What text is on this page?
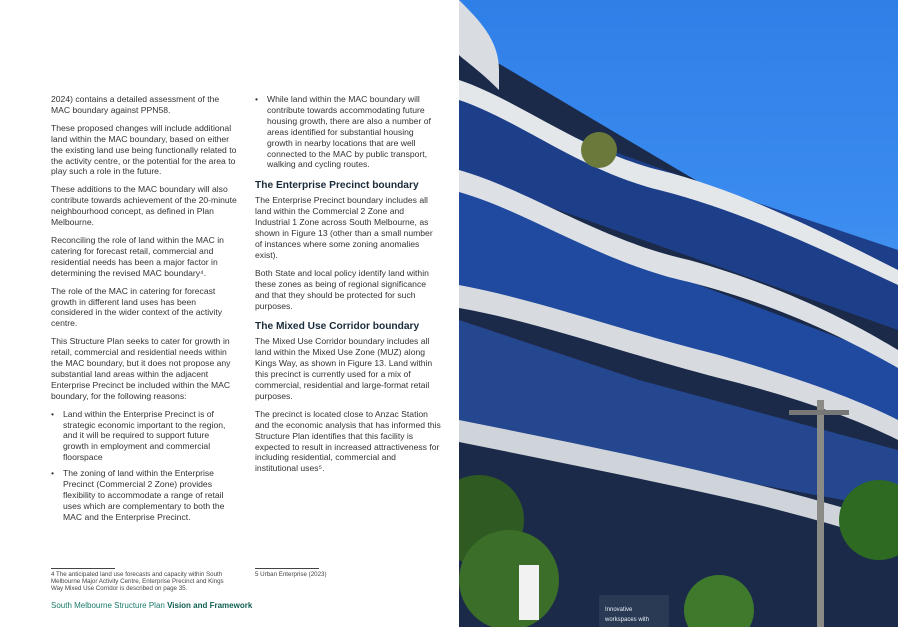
2024) contains a detailed assessment of the MAC boundary against PPN58.

These proposed changes will include additional land within the MAC boundary, based on either the existing land use being functionally related to the activity centre, or the potential for the area to play such a role in the future.

These additions to the MAC boundary will also contribute towards achievement of the 20-minute neighbourhood concept, as defined in Plan Melbourne.

Reconciling the role of land within the MAC in catering for forecast retail, commercial and residential needs has been a major factor in determining the revised MAC boundary⁴.

The role of the MAC in catering for forecast growth in different land uses has been considered in the wider context of the activity centre.

This Structure Plan seeks to cater for growth in retail, commercial and residential needs within the MAC boundary, but it does not propose any substantial land areas within the adjacent Enterprise Precinct be included within the MAC boundary, for the following reasons:

• Land within the Enterprise Precinct is of strategic economic important to the region, and it will be required to support future growth in employment and commercial floorspace
• The zoning of land within the Enterprise Precinct (Commercial 2 Zone) provides flexibility to accommodate a range of retail uses which are complementary to both the MAC and the Enterprise Precinct.
• While land within the MAC boundary will contribute towards accommodating future housing growth, there are also a number of areas identified for substantial housing growth in nearby locations that are well connected to the MAC by public transport, walking and cycling routes.
The Enterprise Precinct boundary

The Enterprise Precinct boundary includes all land within the Commercial 2 Zone and Industrial 1 Zone across South Melbourne, as shown in Figure 13 (other than a small number of instances where some zoning anomalies exist).

Both State and local policy identify land within these zones as being of regional significance and that they should be protected for such purposes.

The Mixed Use Corridor boundary

The Mixed Use Corridor boundary includes all land within the Mixed Use Zone (MUZ) along Kings Way, as shown in Figure 13. Land within this precinct is currently used for a mix of commercial, residential and large-format retail purposes.

The precinct is located close to Anzac Station and the economic analysis that has informed this Structure Plan identifies that this facility is expected to result in increased attractiveness for including residential, commercial and institutional uses⁵.

4 The anticipated land use forecasts and capacity within South Melbourne Major Activity Centre, Enterprise Precinct and Kings Way Mixed Use Corridor is described on page 35.
5 Urban Enterprise (2023)
South Melbourne Structure Plan Vision and Framework	Innovative
workspaces with
